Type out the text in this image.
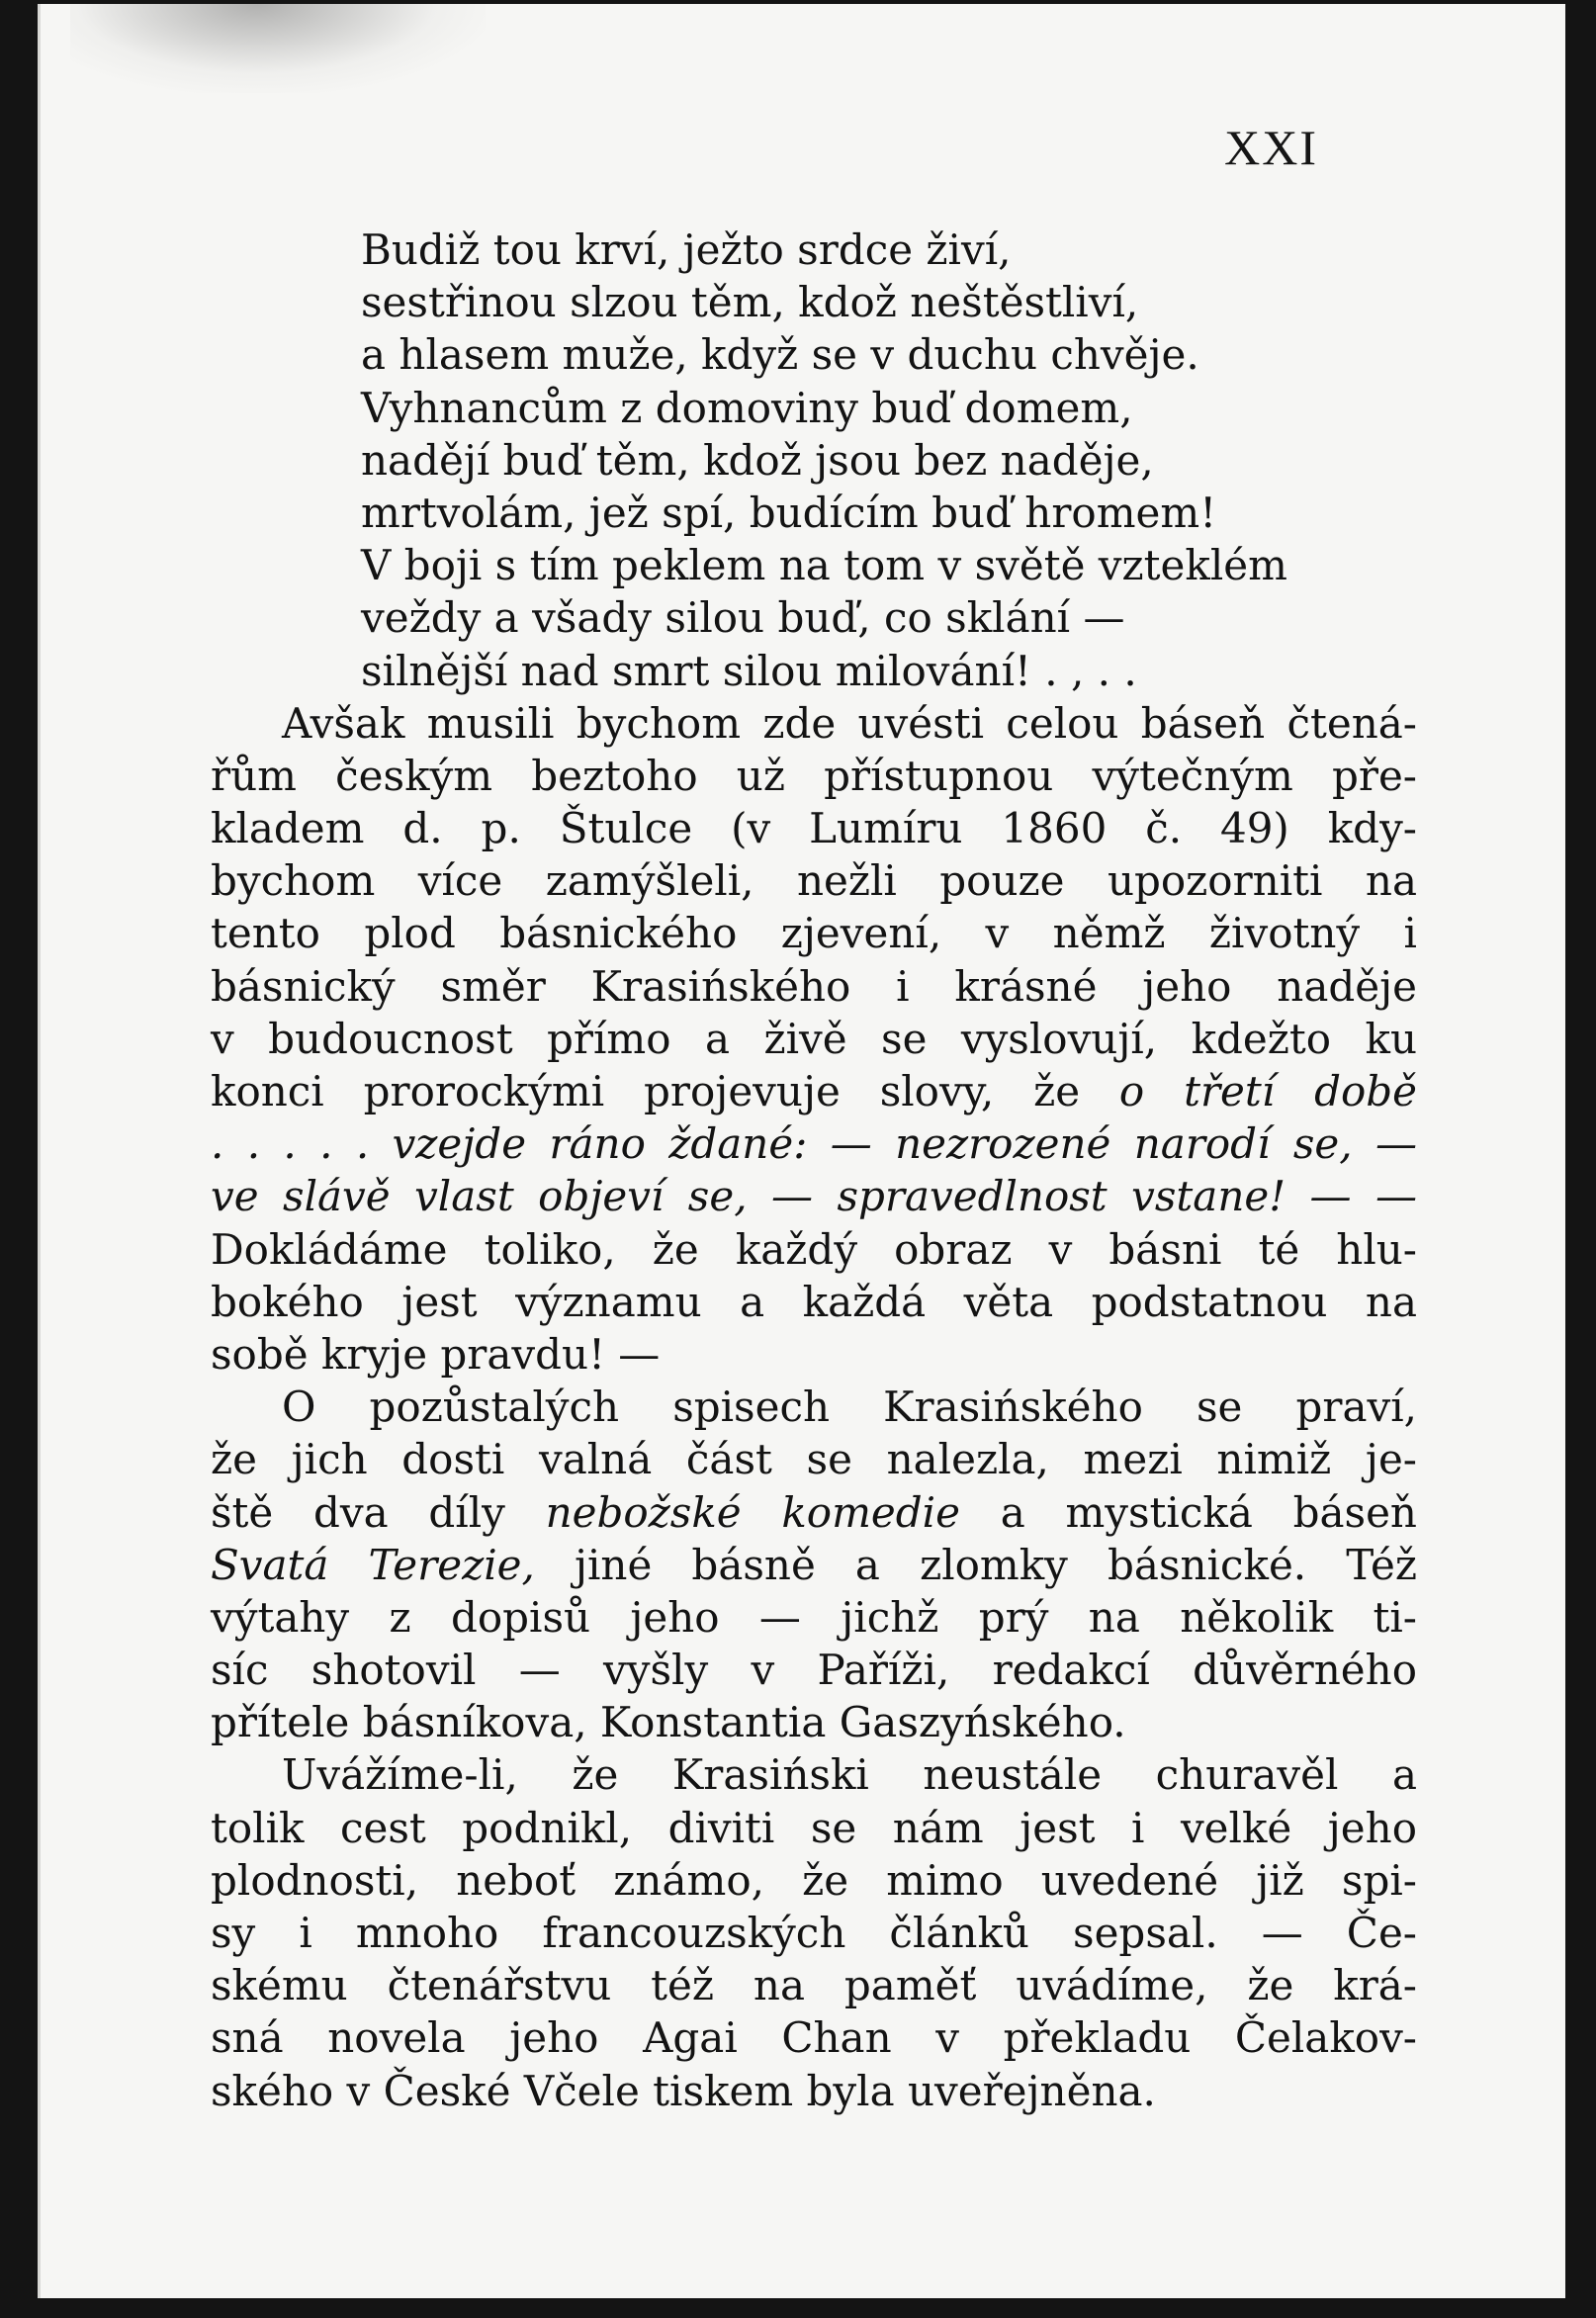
XXI
Budiž tou krví, ježto srdce živí,
sestřinou slzou těm, kdož neštěstliví,
a hlasem muže, když se v duchu chvěje.
Vyhnancům z domoviny buď domem,
nadějí buď těm, kdož jsou bez naděje,
mrtvolám, jež spí, budícím buď hromem!
V boji s tím peklem na tom v světě vzteklém
veždy a všady silou buď, co sklání —
silnější nad smrt silou milování! . , . .
Avšak musili bychom zde uvésti celou báseň čtená-
řům českým beztoho už přístupnou výtečným pře-
kladem d. p. Štulce (v Lumíru 1860 č. 49) kdy-
bychom více zamýšleli, nežli pouze upozorniti na
tento plod básnického zjevení, v němž životný i
básnický směr Krasińského i krásné jeho naděje
v budoucnost přímo a živě se vyslovují, kdežto ku
konci prorockými projevuje slovy, že o třetí době
. . . . . vzejde ráno ždané: — nezrozené narodí se, —
ve slávě vlast objeví se, — spravedlnost vstane! — —
Dokládáme toliko, že každý obraz v básni té hlu-
bokého jest významu a každá věta podstatnou na
sobě kryje pravdu! —
O pozůstalých spisech Krasińského se praví,
že jich dosti valná část se nalezla, mezi nimiž je-
ště dva díly nebožské komedie a mystická báseň
Svatá Terezie, jiné básně a zlomky básnické. Též
výtahy z dopisů jeho — jichž prý na několik ti-
síc shotovil — vyšly v Paříži, redakcí důvěrného
přítele básníkova, Konstantia Gaszyńského.
Uvážíme-li, že Krasiński neustále churavěl a
tolik cest podnikl, diviti se nám jest i velké jeho
plodnosti, neboť známo, že mimo uvedené již spi-
sy i mnoho francouzských článků sepsal. — Če-
skému čtenářstvu též na paměť uvádíme, že krá-
sná novela jeho Agai Chan v překladu Čelakov-
ského v České Včele tiskem byla uveřejněna.
